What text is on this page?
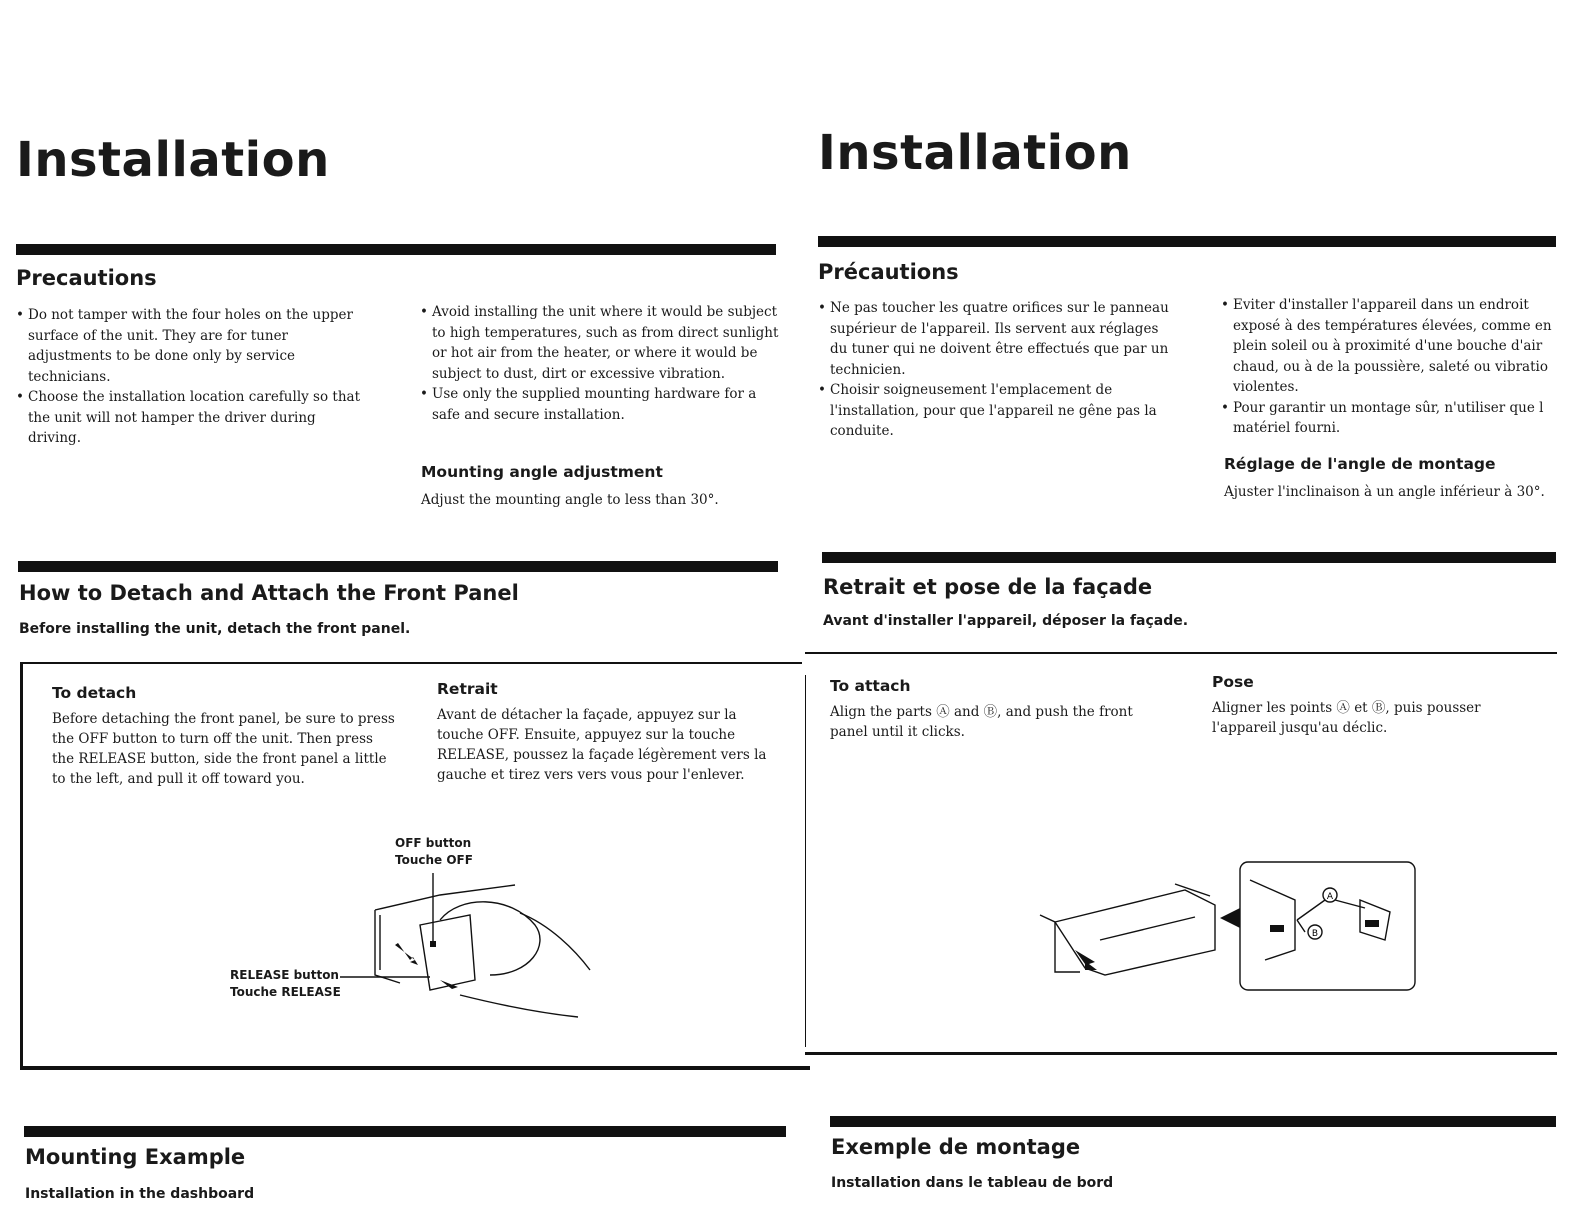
Installation
Precautions
• Do not tamper with the four holes on the upper surface of the unit. They are for tuner adjustments to be done only by service technicians.
• Choose the installation location carefully so that the unit will not hamper the driver during driving.
• Avoid installing the unit where it would be subject to high temperatures, such as from direct sunlight or hot air from the heater, or where it would be subject to dust, dirt or excessive vibration.
• Use only the supplied mounting hardware for a safe and secure installation.
Mounting angle adjustment
Adjust the mounting angle to less than 30°.
How to Detach and Attach the Front Panel
Before installing the unit, detach the front panel.
Installation
Précautions
• Ne pas toucher les quatre orifices sur le panneau supérieur de l'appareil. Ils servent aux réglages du tuner qui ne doivent être effectués que par un technicien.
• Choisir soigneusement l'emplacement de l'installation, pour que l'appareil ne gêne pas la conduite.
• Eviter d'installer l'appareil dans un endroit exposé à des températures élevées, comme en plein soleil ou à proximité d'une bouche d'air chaud, ou à de la poussière, saleté ou vibratio violentes.
• Pour garantir un montage sûr, n'utiliser que l matériel fourni.
Réglage de l'angle de montage
Ajuster l'inclinaison à un angle inférieur à 30°.
Retrait et pose de la façade
Avant d'installer l'appareil, déposer la façade.
To detach
Before detaching the front panel, be sure to press the OFF button to turn off the unit. Then press the RELEASE button, side the front panel a little to the left, and pull it off toward you.
Retrait
Avant de détacher la façade, appuyez sur la touche OFF. Ensuite, appuyez sur la touche RELEASE, poussez la façade légèrement vers la gauche et tirez vers vers vous pour l'enlever.
To attach
Align the parts Ⓐ and Ⓑ, and push the front panel until it clicks.
Pose
Aligner les points Ⓐ et Ⓑ, puis pousser l'appareil jusqu'au déclic.
OFF button
Touche OFF
RELEASE button
Touche RELEASE
A
B
Mounting Example
Installation in the dashboard
Exemple de montage
Installation dans le tableau de bord
